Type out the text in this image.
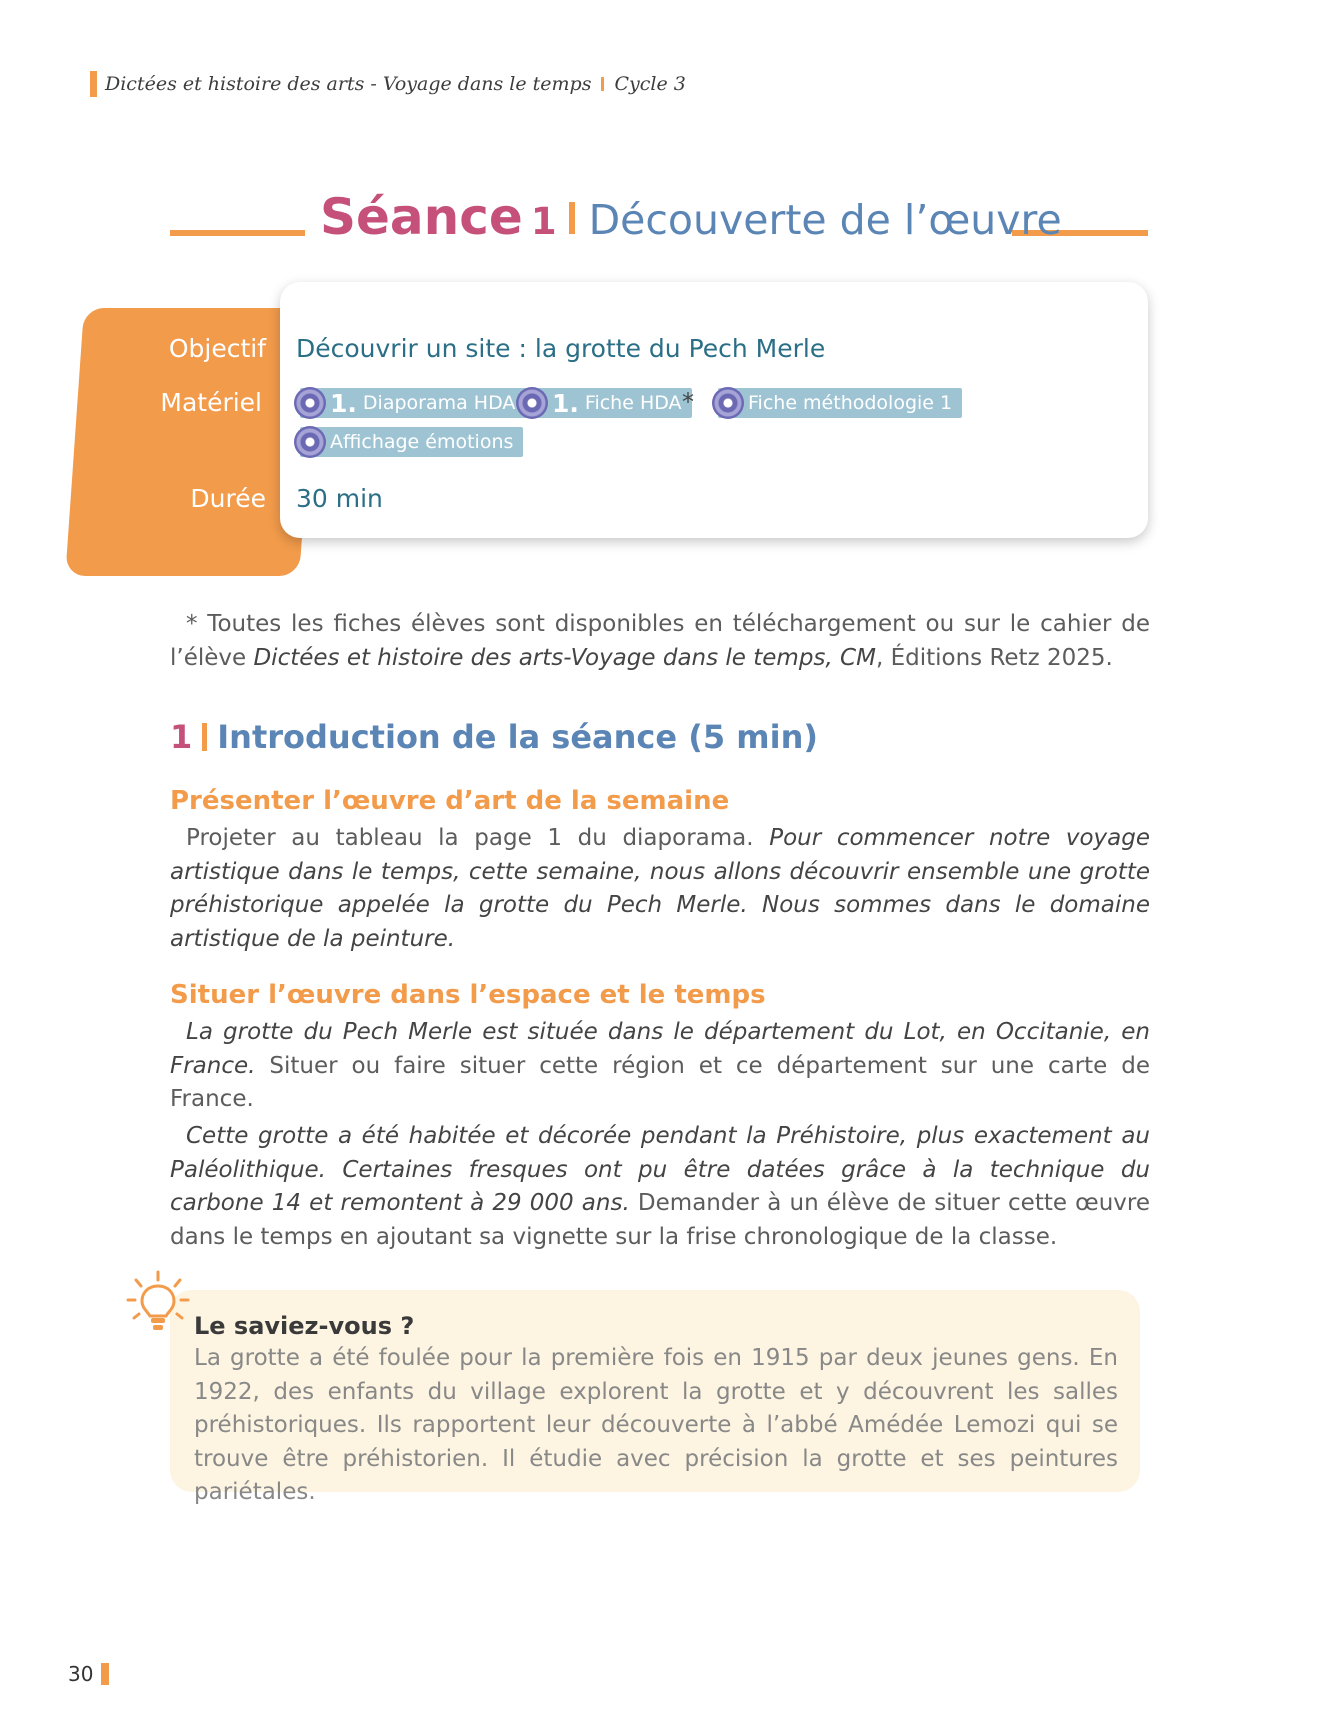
Dictées et histoire des arts - Voyage dans le temps Cycle 3
Séance 1 Découverte de l’œuvre
Objectif Découvrir un site : la grotte du Pech Merle
Matériel	1. Diaporama HDA 1. Fiche HDA *	Fiche méthodologie 1
Affichage émotions
Durée 30 min
* Toutes les fiches élèves sont disponibles en téléchargement ou sur le cahier de l’élève Dictées et histoire des arts-Voyage dans le temps, CM, Éditions Retz 2025.
1 Introduction de la séance (5 min)
Présenter l’œuvre d’art de la semaine
Projeter au tableau la page 1 du diaporama. Pour commencer notre voyage artistique dans le temps, cette semaine, nous allons découvrir ensemble une grotte préhistorique appelée la grotte du Pech Merle. Nous sommes dans le domaine artistique de la peinture.
Situer l’œuvre dans l’espace et le temps
La grotte du Pech Merle est située dans le département du Lot, en Occitanie, en France. Situer ou faire situer cette région et ce département sur une carte de France.
Cette grotte a été habitée et décorée pendant la Préhistoire, plus exactement au Paléolithique. Certaines fresques ont pu être datées grâce à la technique du carbone 14 et remontent à 29 000 ans. Demander à un élève de situer cette œuvre dans le temps en ajoutant sa vignette sur la frise chronologique de la classe.
Le saviez-vous ?
La grotte a été foulée pour la première fois en 1915 par deux jeunes gens. En 1922, des enfants du village explorent la grotte et y découvrent les salles préhistoriques. Ils rapportent leur découverte à l’abbé Amédée Lemozi qui se trouve être préhistorien. Il étudie avec précision la grotte et ses peintures pariétales.
30
